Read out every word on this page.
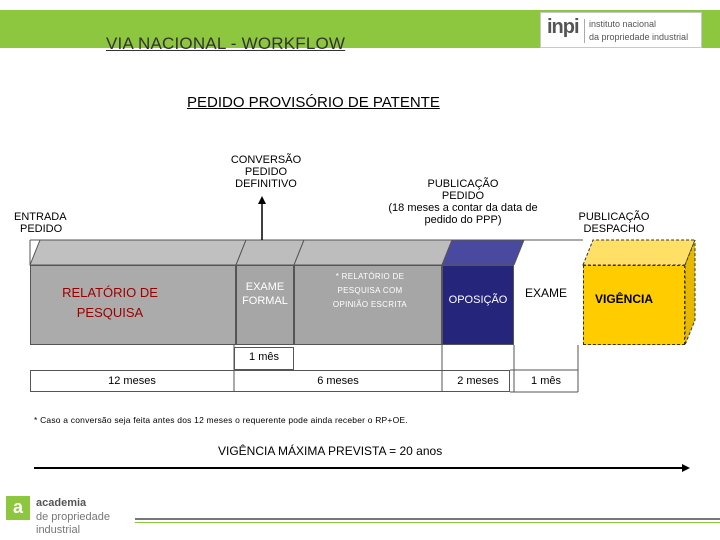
VIA NACIONAL - WORKFLOW
inpi instituto nacional
da propriedade industrial
PEDIDO PROVISÓRIO DE PATENTE
CONVERSÃO
PEDIDO
DEFINITIVO
ENTRADA
PEDIDO
PUBLICAÇÃO
PEDIDO
(18 meses a contar da data de
pedido do PPP)	PUBLICAÇÃO
DESPACHO
RELATÓRIO DE
PESQUISA
EXAME
FORMAL
* RELATÓRIO DE
PESQUISA COM
OPINIÃO ESCRITA	OPOSIÇÃO	EXAME	VIGÊNCIA
1 mês
12 meses	6 meses	2 meses	1 mês
* Caso a conversão seja feita antes dos 12 meses o requerente pode ainda receber o RP+OE.
VIGÊNCIA MÁXIMA PREVISTA = 20 anos
a	academia
de propriedade
industrial
